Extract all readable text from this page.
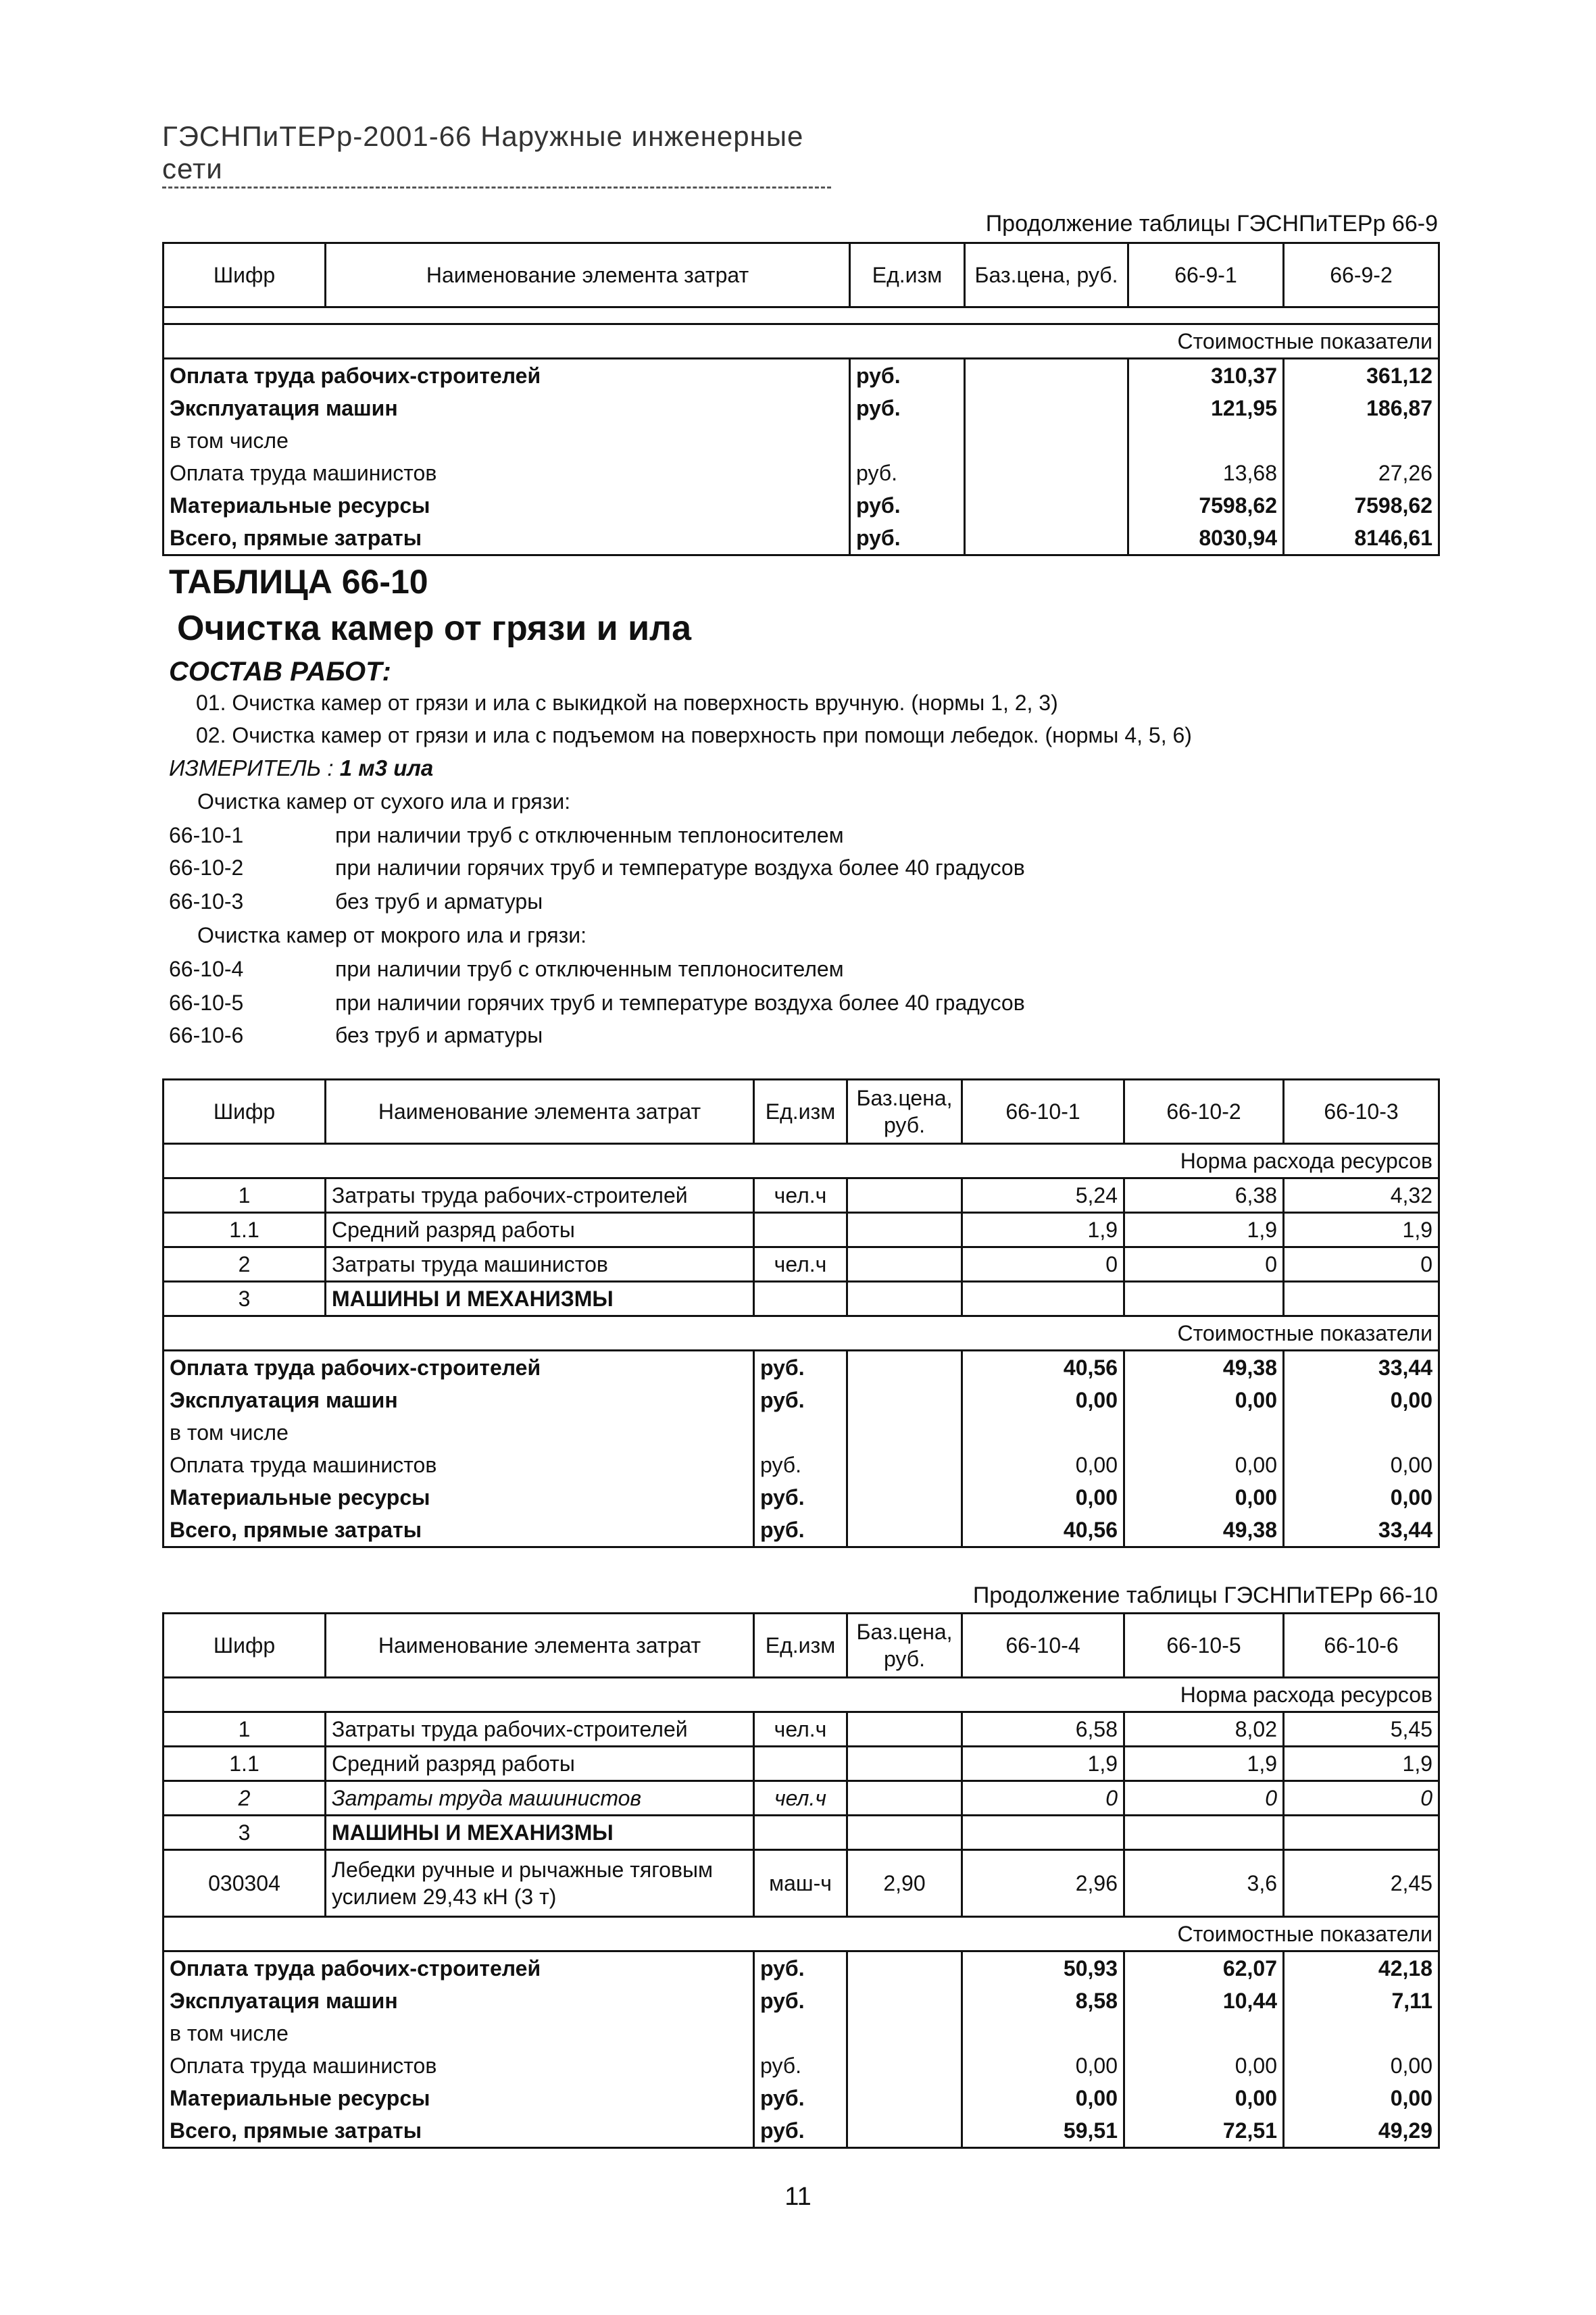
ГЭСНПиТЕРр-2001-66 Наружные инженерные сети
Продолжение таблицы ГЭСНПиТЕРр 66-9
Шифр	Наименование элемента затрат	Ед.изм	Баз.цена, руб.	66-9-1	66-9-2

Стоимостные показатели					
Оплата труда рабочих-строителей		руб.		310,37	361,12
Эксплуатация машин		руб.		121,95	186,87
в том числе					
Оплата труда машинистов		руб.		13,68	27,26
Материальные ресурсы		руб.		7598,62	7598,62
Всего, прямые затраты		руб.		8030,94	8146,61
ТАБЛИЦА 66-10
Очистка камер от грязи и ила
СОСТАВ РАБОТ:
01. Очистка камер от грязи и ила с выкидкой на поверхность вручную. (нормы 1, 2, 3)
02. Очистка камер от грязи и ила с подъемом на поверхность при помощи лебедок. (нормы 4, 5, 6)
ИЗМЕРИТЕЛЬ : 1 м3 ила
Очистка камер от сухого ила и грязи:
66-10-1	при наличии труб с отключенным теплоносителем
66-10-2	при наличии горячих труб и температуре воздуха более 40 градусов
66-10-3	без труб и арматуры
Очистка камер от мокрого ила и грязи:
66-10-4	при наличии труб с отключенным теплоносителем
66-10-5	при наличии горячих труб и температуре воздуха более 40 градусов
66-10-6	без труб и арматуры
Шифр	Наименование элемента затрат	Ед.изм	Баз.цена, руб.	66-10-1	66-10-2	66-10-3
Норма расхода ресурсов						
1	Затраты труда рабочих-строителей	чел.ч		5,24	6,38	4,32
1.1	Средний разряд работы			1,9	1,9	1,9
2	Затраты труда машинистов	чел.ч		0	0	0
3	МАШИНЫ И МЕХАНИЗМЫ					
Стоимостные показатели						
Оплата труда рабочих-строителей		руб.		40,56	49,38	33,44
Эксплуатация машин		руб.		0,00	0,00	0,00
в том числе						
Оплата труда машинистов		руб.		0,00	0,00	0,00
Материальные ресурсы		руб.		0,00	0,00	0,00
Всего, прямые затраты		руб.		40,56	49,38	33,44
Продолжение таблицы ГЭСНПиТЕРр 66-10
Шифр	Наименование элемента затрат	Ед.изм	Баз.цена, руб.	66-10-4	66-10-5	66-10-6
Норма расхода ресурсов						
1	Затраты труда рабочих-строителей	чел.ч		6,58	8,02	5,45
1.1	Средний разряд работы			1,9	1,9	1,9
2	Затраты труда машинистов	чел.ч		0	0	0
3	МАШИНЫ И МЕХАНИЗМЫ					
030304	Лебедки ручные и рычажные тяговым усилием 29,43 кН (3 т)	маш-ч	2,90	2,96	3,6	2,45
Стоимостные показатели						
Оплата труда рабочих-строителей		руб.		50,93	62,07	42,18
Эксплуатация машин		руб.		8,58	10,44	7,11
в том числе						
Оплата труда машинистов		руб.		0,00	0,00	0,00
Материальные ресурсы		руб.		0,00	0,00	0,00
Всего, прямые затраты		руб.		59,51	72,51	49,29
11
